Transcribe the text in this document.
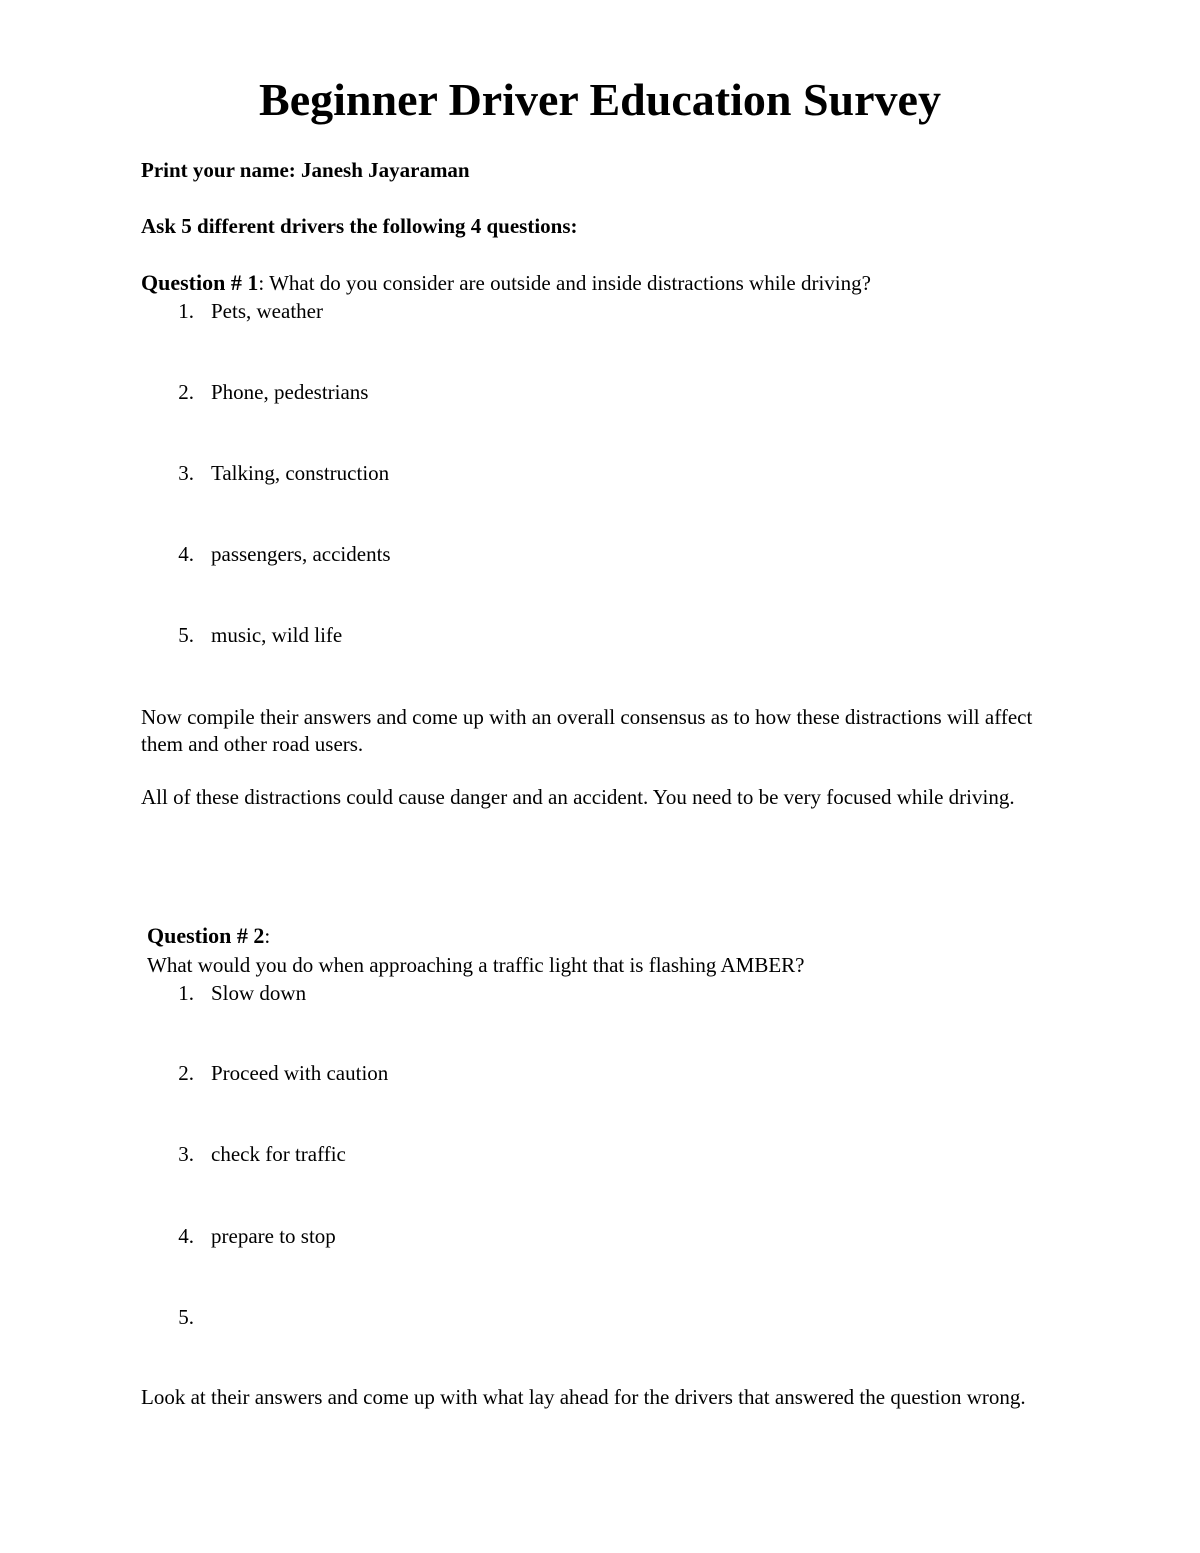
Beginner Driver Education Survey

Print your name: Janesh Jayaraman

Ask 5 different drivers the following 4 questions:

Question # 1: What do you consider are outside and inside distractions while driving?

1. Pets, weather
2. Phone, pedestrians
3. Talking, construction
4. passengers, accidents
5. music, wild life

Now compile their answers and come up with an overall consensus as to how these distractions will affect them and other road users.

All of these distractions could cause danger and an accident. You need to be very focused while driving.

Question # 2:

What would you do when approaching a traffic light that is flashing AMBER?

1. Slow down
2. Proceed with caution
3. check for traffic
4. prepare to stop
5.

Look at their answers and come up with what lay ahead for the drivers that answered the question wrong.
